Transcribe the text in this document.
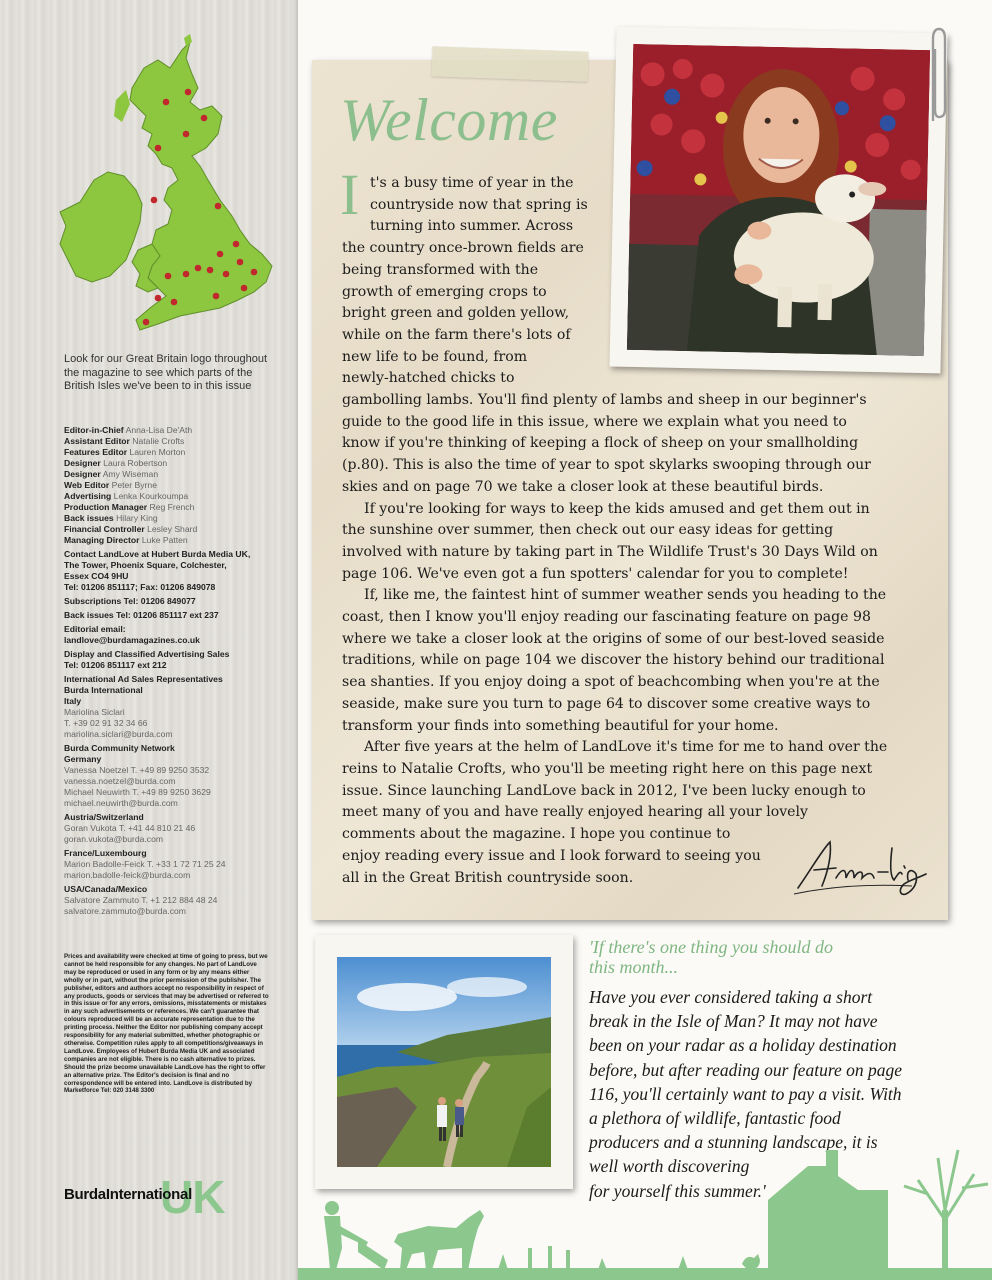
Look for our Great Britain logo throughout the magazine to see which parts of the British Isles we've been to in this issue
Editor-in-Chief Anna-Lisa De'Ath
Assistant Editor Natalie Crofts
Features Editor Lauren Morton
Designer Laura Robertson
Designer Amy Wiseman
Web Editor Peter Byrne
Advertising Lenka Kourkoumpa
Production Manager Reg French
Back issues Hilary King
Financial Controller Lesley Shard
Managing Director Luke Patten
Contact LandLove at Hubert Burda Media UK,
The Tower, Phoenix Square, Colchester,
Essex CO4 9HU
Tel: 01206 851117; Fax: 01206 849078
Subscriptions Tel: 01206 849077
Back issues Tel: 01206 851117 ext 237
Editorial email:
landlove@burdamagazines.co.uk
Display and Classified Advertising Sales
Tel: 01206 851117 ext 212
International Ad Sales Representatives
Burda International
Italy
Mariolina Siclari
T. +39 02 91 32 34 66
mariolina.siclari@burda.com
Burda Community Network
Germany
Vanessa Noetzel T. +49 89 9250 3532
vanessa.noetzel@burda.com
Michael Neuwirth T. +49 89 9250 3629
michael.neuwirth@burda.com
Austria/Switzerland
Goran Vukota T. +41 44 810 21 46
goran.vukota@burda.com
France/Luxembourg
Marion Badolle-Feick T. +33 1 72 71 25 24
marion.badolle-feick@burda.com
USA/Canada/Mexico
Salvatore Zammuto T. +1 212 884 48 24
salvatore.zammuto@burda.com
Prices and availability were checked at time of going to press, but we cannot be held responsible for any changes. No part of LandLove may be reproduced or used in any form or by any means either wholly or in part, without the prior permission of the publisher. The publisher, editors and authors accept no responsibility in respect of any products, goods or services that may be advertised or referred to in this issue or for any errors, omissions, misstatements or mistakes in any such advertisements or references. We can't guarantee that colours reproduced will be an accurate representation due to the printing process. Neither the Editor nor publishing company accept responsibility for any material submitted, whether photographic or otherwise. Competition rules apply to all competitions/giveaways in LandLove. Employees of Hubert Burda Media UK and associated companies are not eligible. There is no cash alternative to prizes. Should the prize become unavailable LandLove has the right to offer an alternative prize. The Editor's decision is final and no correspondence will be entered into. LandLove is distributed by Marketforce Tel: 020 3148 3300
UK
BurdaInternational
Welcome
I t's a busy time of year in the
countryside now that spring is
turning into summer. Across
the country once-brown fields are
being transformed with the
growth of emerging crops to
bright green and golden yellow,
while on the farm there's lots of
new life to be found, from
newly-hatched chicks to
gambolling lambs. You'll find plenty of lambs and sheep in our beginner's
guide to the good life in this issue, where we explain what you need to
know if you're thinking of keeping a flock of sheep on your smallholding
(p.80). This is also the time of year to spot skylarks swooping through our
skies and on page 70 we take a closer look at these beautiful birds.
If you're looking for ways to keep the kids amused and get them out in
the sunshine over summer, then check out our easy ideas for getting
involved with nature by taking part in The Wildlife Trust's 30 Days Wild on
page 106. We've even got a fun spotters' calendar for you to complete!
If, like me, the faintest hint of summer weather sends you heading to the
coast, then I know you'll enjoy reading our fascinating feature on page 98
where we take a closer look at the origins of some of our best-loved seaside
traditions, while on page 104 we discover the history behind our traditional
sea shanties. If you enjoy doing a spot of beachcombing when you're at the
seaside, make sure you turn to page 64 to discover some creative ways to
transform your finds into something beautiful for your home.
After five years at the helm of LandLove it's time for me to hand over the
reins to Natalie Crofts, who you'll be meeting right here on this page next
issue. Since launching LandLove back in 2012, I've been lucky enough to
meet many of you and have really enjoyed hearing all your lovely
comments about the magazine. I hope you continue to
enjoy reading every issue and I look forward to seeing you
all in the Great British countryside soon.
'If there's one thing you should do
this month...
Have you ever considered taking a short
break in the Isle of Man? It may not have
been on your radar as a holiday destination
before, but after reading our feature on page
116, you'll certainly want to pay a visit. With
a plethora of wildlife, fantastic food
producers and a stunning landscape, it is
well worth discovering
for yourself this summer.'
